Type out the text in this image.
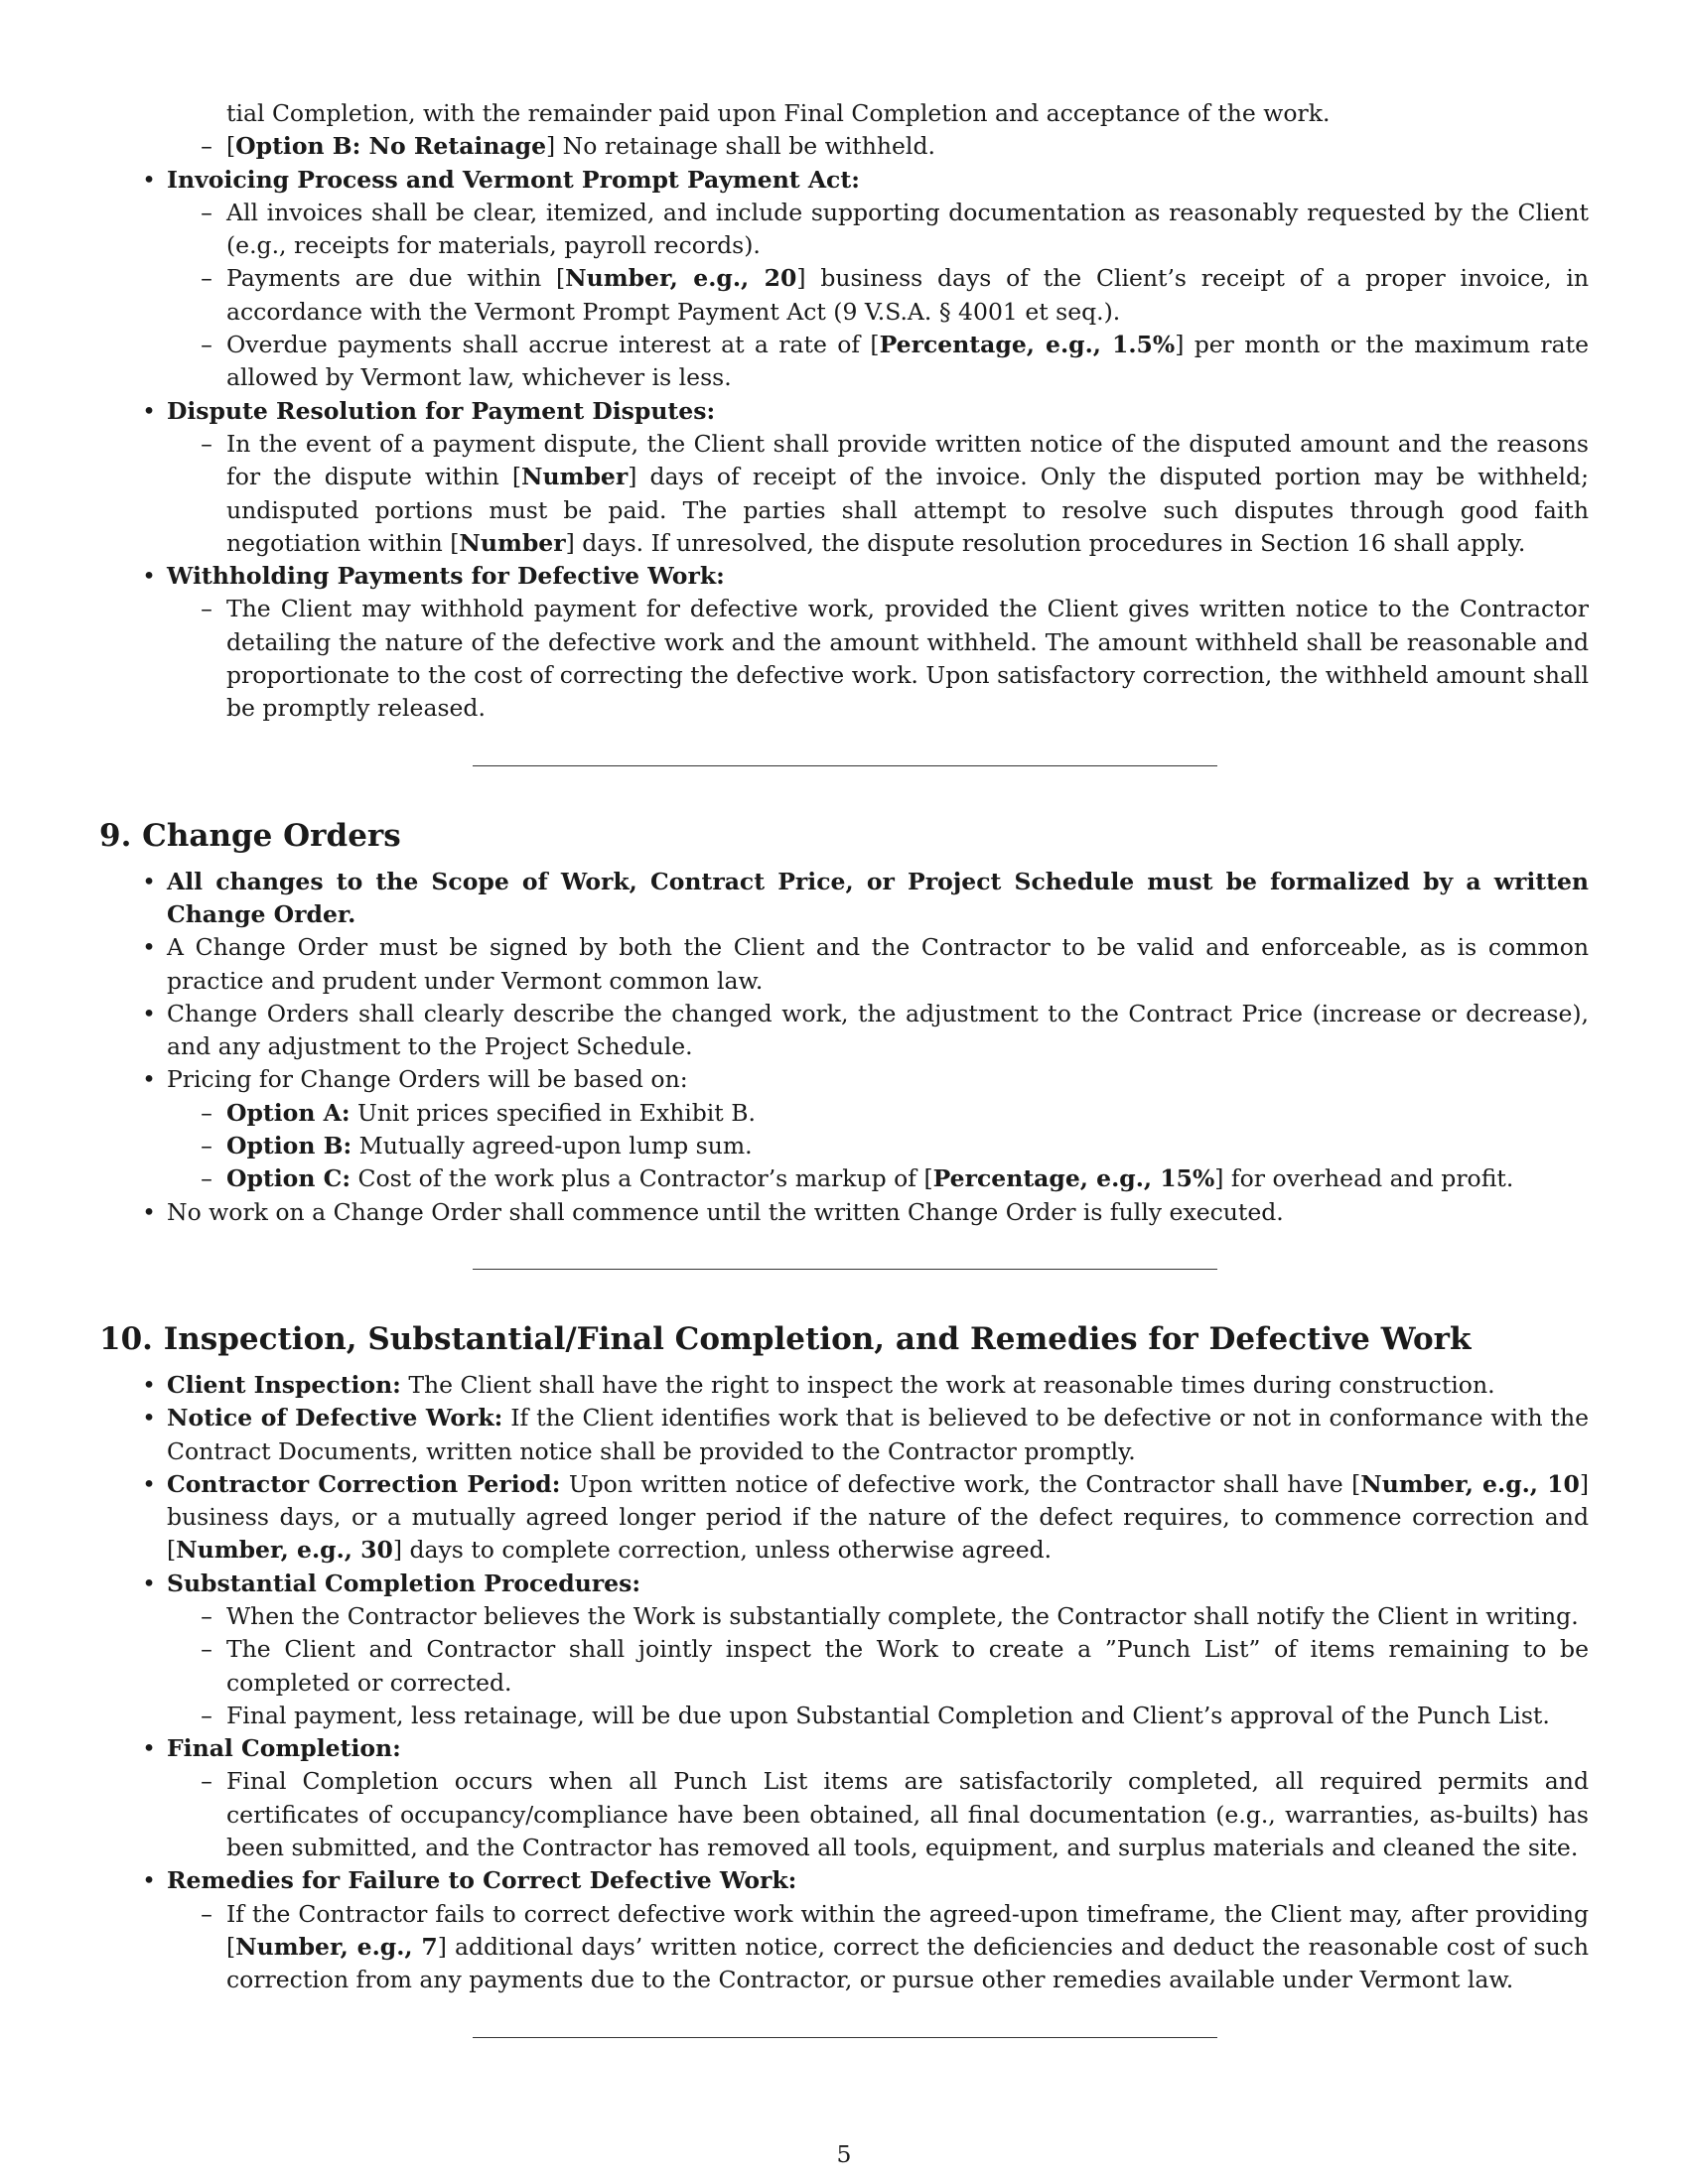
tial Completion, with the remainder paid upon Final Completion and acceptance of the work.
– [Option B: No Retainage] No retainage shall be withheld.
• Invoicing Process and Vermont Prompt Payment Act:
– All invoices shall be clear, itemized, and include supporting documentation as reasonably requested by the Client (e.g., receipts for materials, payroll records).
– Payments are due within [Number, e.g., 20] business days of the Client’s receipt of a proper invoice, in accordance with the Vermont Prompt Payment Act (9 V.S.A. § 4001 et seq.).
– Overdue payments shall accrue interest at a rate of [Percentage, e.g., 1.5%] per month or the maximum rate allowed by Vermont law, whichever is less.
• Dispute Resolution for Payment Disputes:
– In the event of a payment dispute, the Client shall provide written notice of the disputed amount and the reasons for the dispute within [Number] days of receipt of the invoice. Only the disputed portion may be withheld; undisputed portions must be paid. The parties shall attempt to resolve such disputes through good faith negotiation within [Number] days. If unresolved, the dispute resolution procedures in Section 16 shall apply.
• Withholding Payments for Defective Work:
– The Client may withhold payment for defective work, provided the Client gives written notice to the Contractor detailing the nature of the defective work and the amount withheld. The amount withheld shall be reasonable and proportionate to the cost of correcting the defective work. Upon satisfactory correction, the withheld amount shall be promptly released.
9. Change Orders
• All changes to the Scope of Work, Contract Price, or Project Schedule must be formalized by a written Change Order.
• A Change Order must be signed by both the Client and the Contractor to be valid and enforceable, as is common practice and prudent under Vermont common law.
• Change Orders shall clearly describe the changed work, the adjustment to the Contract Price (increase or decrease), and any adjustment to the Project Schedule.
• Pricing for Change Orders will be based on:
– Option A: Unit prices specified in Exhibit B.
– Option B: Mutually agreed-upon lump sum.
– Option C: Cost of the work plus a Contractor’s markup of [Percentage, e.g., 15%] for overhead and profit.
• No work on a Change Order shall commence until the written Change Order is fully executed.
10. Inspection, Substantial/Final Completion, and Remedies for Defective Work
• Client Inspection: The Client shall have the right to inspect the work at reasonable times during construction.
• Notice of Defective Work: If the Client identifies work that is believed to be defective or not in conformance with the Contract Documents, written notice shall be provided to the Contractor promptly.
• Contractor Correction Period: Upon written notice of defective work, the Contractor shall have [Number, e.g., 10] business days, or a mutually agreed longer period if the nature of the defect requires, to commence correction and [Number, e.g., 30] days to complete correction, unless otherwise agreed.
• Substantial Completion Procedures:
– When the Contractor believes the Work is substantially complete, the Contractor shall notify the Client in writing.
– The Client and Contractor shall jointly inspect the Work to create a ”Punch List” of items remaining to be completed or corrected.
– Final payment, less retainage, will be due upon Substantial Completion and Client’s approval of the Punch List.
• Final Completion:
– Final Completion occurs when all Punch List items are satisfactorily completed, all required permits and certificates of occupancy/compliance have been obtained, all final documentation (e.g., warranties, as-builts) has been submitted, and the Contractor has removed all tools, equipment, and surplus materials and cleaned the site.
• Remedies for Failure to Correct Defective Work:
– If the Contractor fails to correct defective work within the agreed-upon timeframe, the Client may, after providing [Number, e.g., 7] additional days’ written notice, correct the deficiencies and deduct the reasonable cost of such correction from any payments due to the Contractor, or pursue other remedies available under Vermont law.
5
